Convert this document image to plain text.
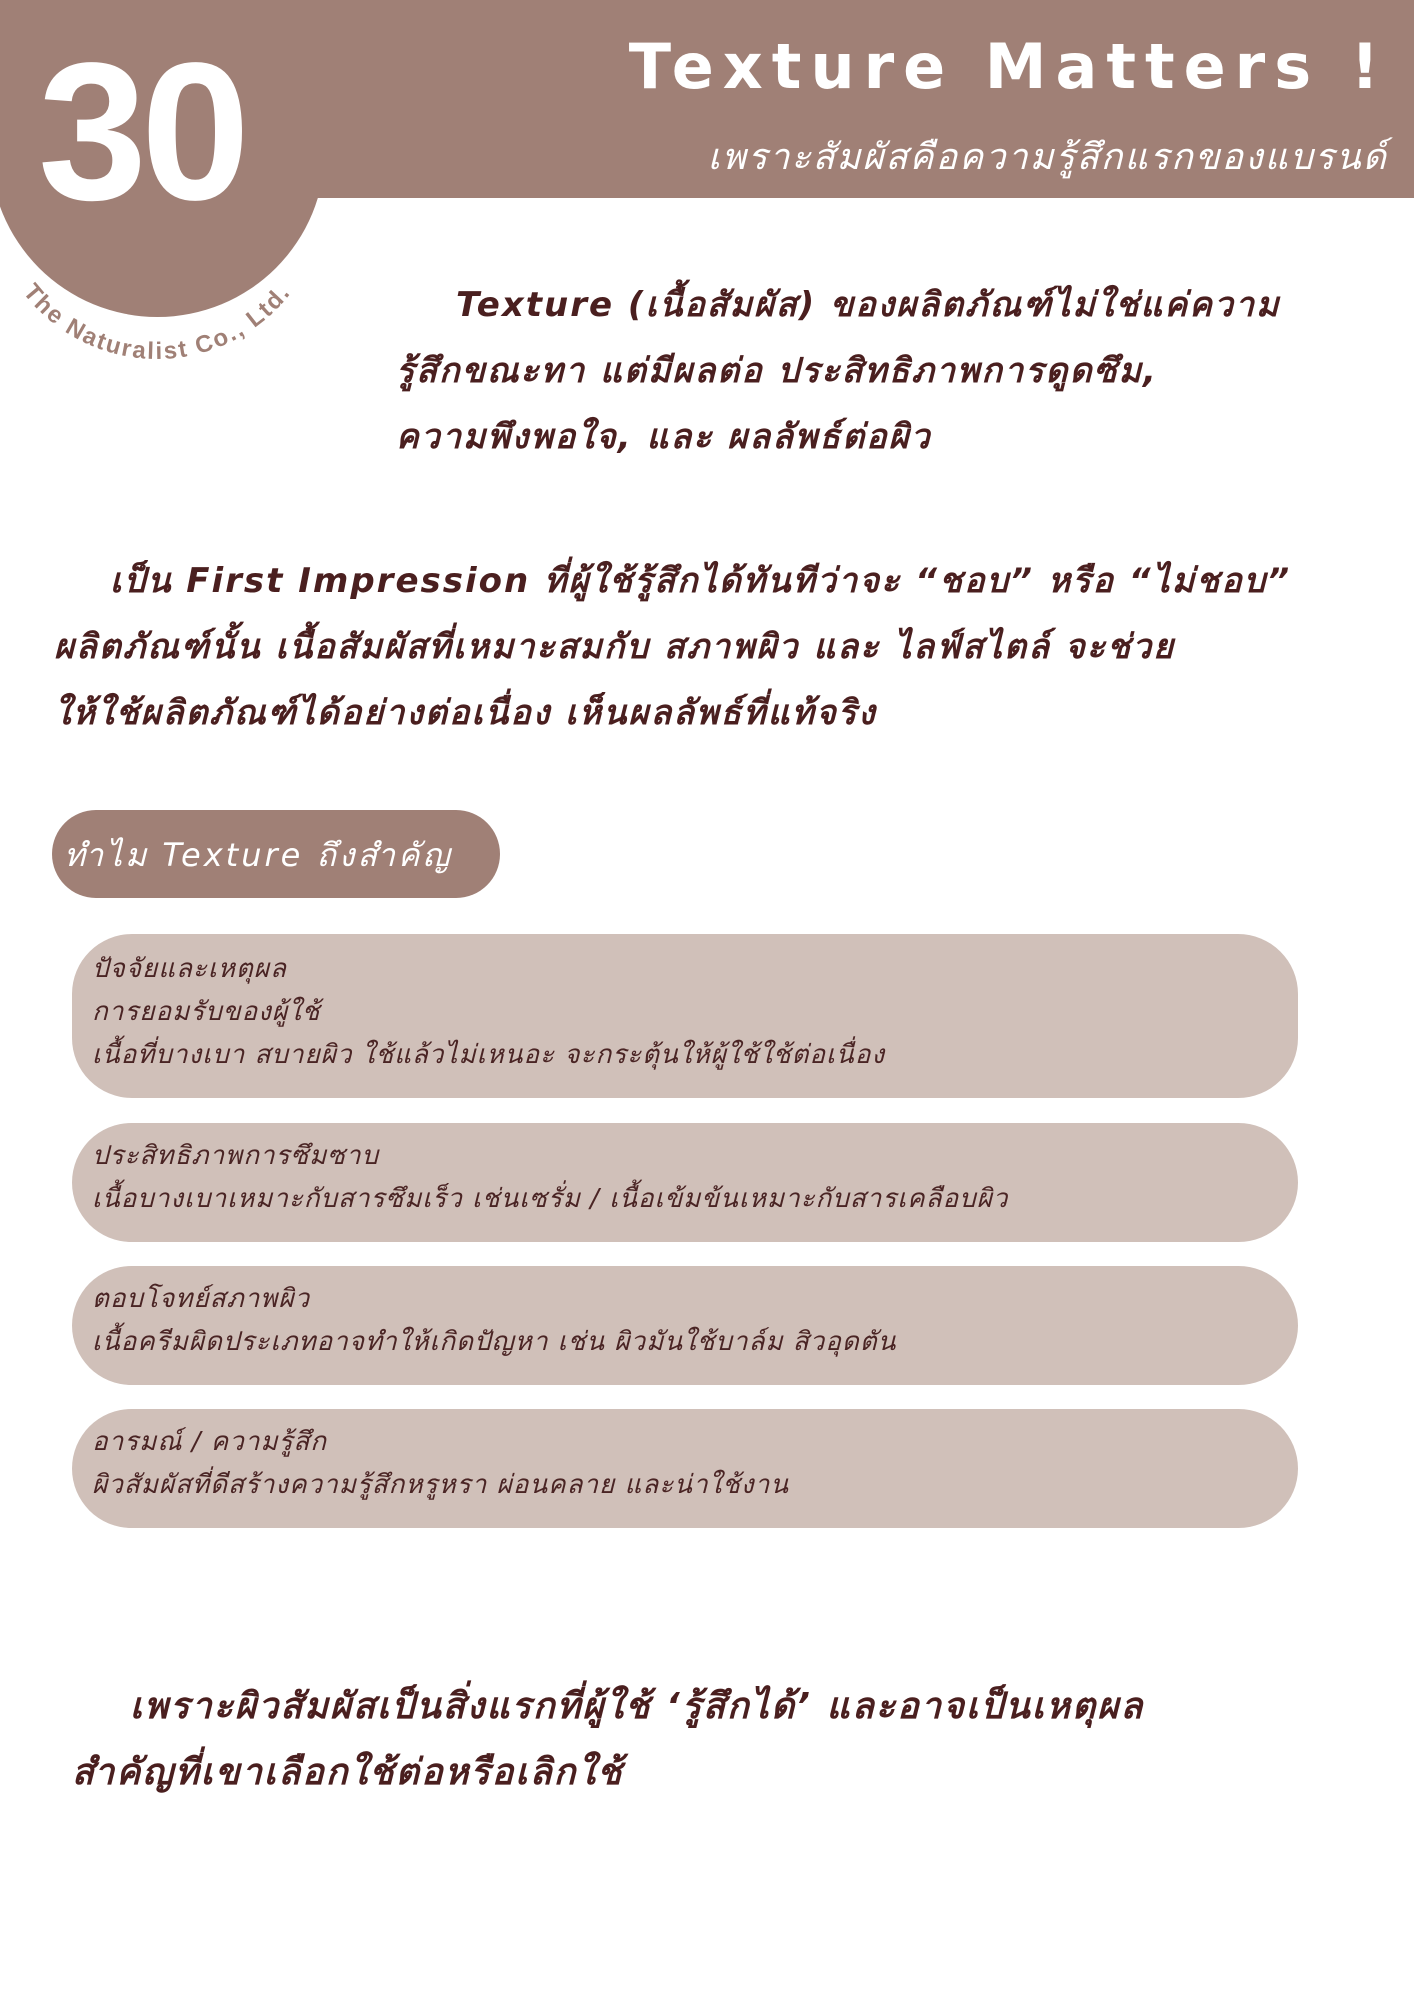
30
The Naturalist Co., Ltd.
Texture Matters !
เพราะสัมผัสคือความรู้สึกแรกของแบรนด์
Texture (เนื้อสัมผัส) ของผลิตภัณฑ์ไม่ใช่แค่ความ
รู้สึกขณะทา แต่มีผลต่อ ประสิทธิภาพการดูดซึม,
ความพึงพอใจ, และ ผลลัพธ์ต่อผิว
เป็น First Impression ที่ผู้ใช้รู้สึกได้ทันทีว่าจะ “ชอบ” หรือ “ไม่ชอบ”
ผลิตภัณฑ์นั้น เนื้อสัมผัสที่เหมาะสมกับ สภาพผิว และ ไลฟ์สไตล์ จะช่วย
ให้ใช้ผลิตภัณฑ์ได้อย่างต่อเนื่อง เห็นผลลัพธ์ที่แท้จริง
ทำไม Texture ถึงสำคัญ
ปัจจัยและเหตุผล
การยอมรับของผู้ใช้
เนื้อที่บางเบา สบายผิว ใช้แล้วไม่เหนอะ จะกระตุ้นให้ผู้ใช้ใช้ต่อเนื่อง
ประสิทธิภาพการซึมซาบ
เนื้อบางเบาเหมาะกับสารซึมเร็ว เช่นเซรั่ม / เนื้อเข้มข้นเหมาะกับสารเคลือบผิว
ตอบโจทย์สภาพผิว
เนื้อครีมผิดประเภทอาจทำให้เกิดปัญหา เช่น ผิวมันใช้บาล์ม สิวอุดตัน
อารมณ์ / ความรู้สึก
ผิวสัมผัสที่ดีสร้างความรู้สึกหรูหรา ผ่อนคลาย และน่าใช้งาน
เพราะผิวสัมผัสเป็นสิ่งแรกที่ผู้ใช้ ‘รู้สึกได้’ และอาจเป็นเหตุผล
สำคัญที่เขาเลือกใช้ต่อหรือเลิกใช้
